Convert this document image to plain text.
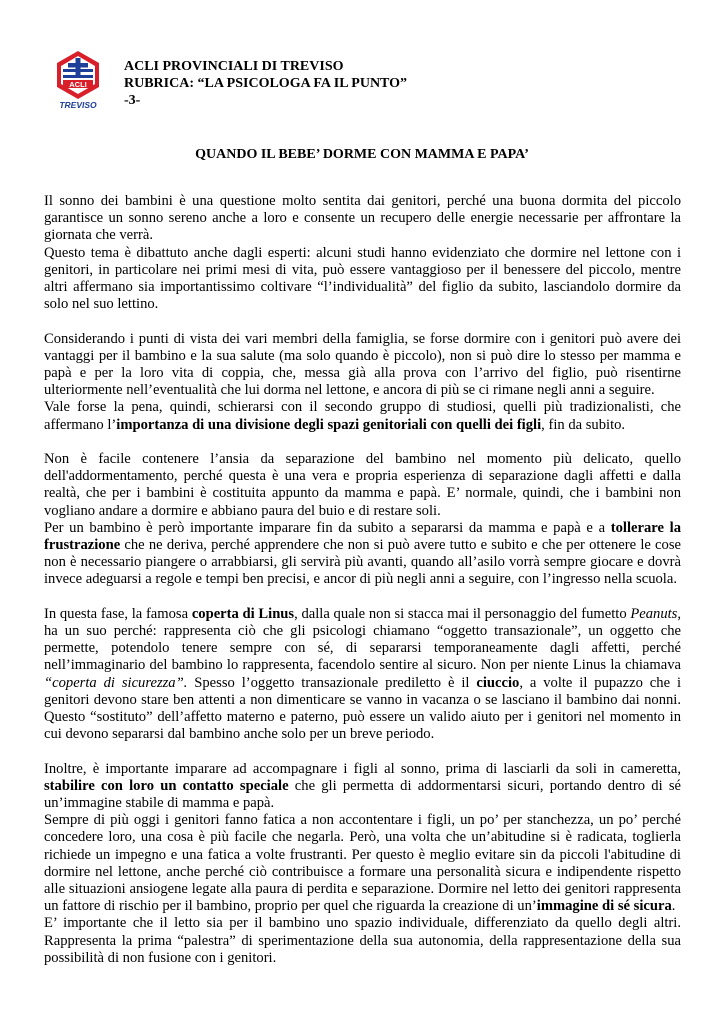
ACLI
TREVISO
ACLI PROVINCIALI DI TREVISO
RUBRICA: “LA PSICOLOGA FA IL PUNTO”
-3-
QUANDO IL BEBE’ DORME CON MAMMA E PAPA’

Il sonno dei bambini è una questione molto sentita dai genitori, perché una buona dormita del piccolo garantisce un sonno sereno anche a loro e consente un recupero delle energie necessarie per affrontare la giornata che verrà.

Questo tema è dibattuto anche dagli esperti: alcuni studi hanno evidenziato che dormire nel lettone con i genitori, in particolare nei primi mesi di vita, può essere vantaggioso per il benessere del piccolo, mentre altri affermano sia importantissimo coltivare “l’individualità” del figlio da subito, lasciandolo dormire da solo nel suo lettino.

Considerando i punti di vista dei vari membri della famiglia, se forse dormire con i genitori può avere dei vantaggi per il bambino e la sua salute (ma solo quando è piccolo), non si può dire lo stesso per mamma e papà e per la loro vita di coppia, che, messa già alla prova con l’arrivo del figlio, può risentirne ulteriormente nell’eventualità che lui dorma nel lettone, e ancora di più se ci rimane negli anni a seguire.

Vale forse la pena, quindi, schierarsi con il secondo gruppo di studiosi, quelli più tradizionalisti, che affermano l’importanza di una divisione degli spazi genitoriali con quelli dei figli, fin da subito.

Non è facile contenere l’ansia da separazione del bambino nel momento più delicato, quello dell'addormentamento, perché questa è una vera e propria esperienza di separazione dagli affetti e dalla realtà, che per i bambini è costituita appunto da mamma e papà. E’ normale, quindi, che i bambini non vogliano andare a dormire e abbiano paura del buio e di restare soli.

Per un bambino è però importante imparare fin da subito a separarsi da mamma e papà e a tollerare la frustrazione che ne deriva, perché apprendere che non si può avere tutto e subito e che per ottenere le cose non è necessario piangere o arrabbiarsi, gli servirà più avanti, quando all’asilo vorrà sempre giocare e dovrà invece adeguarsi a regole e tempi ben precisi, e ancor di più negli anni a seguire, con l’ingresso nella scuola.

In questa fase, la famosa coperta di Linus, dalla quale non si stacca mai il personaggio del fumetto Peanuts, ha un suo perché: rappresenta ciò che gli psicologi chiamano “oggetto transazionale”, un oggetto che permette, potendolo tenere sempre con sé, di separarsi temporaneamente dagli affetti, perché nell’immaginario del bambino lo rappresenta, facendolo sentire al sicuro. Non per niente Linus la chiamava “coperta di sicurezza”. Spesso l’oggetto transazionale prediletto è il ciuccio, a volte il pupazzo che i genitori devono stare ben attenti a non dimenticare se vanno in vacanza o se lasciano il bambino dai nonni. Questo “sostituto” dell’affetto materno e paterno, può essere un valido aiuto per i genitori nel momento in cui devono separarsi dal bambino anche solo per un breve periodo.

Inoltre, è importante imparare ad accompagnare i figli al sonno, prima di lasciarli da soli in cameretta, stabilire con loro un contatto speciale che gli permetta di addormentarsi sicuri, portando dentro di sé un’immagine stabile di mamma e papà.

Sempre di più oggi i genitori fanno fatica a non accontentare i figli, un po’ per stanchezza, un po’ perché concedere loro, una cosa è più facile che negarla. Però, una volta che un’abitudine si è radicata, toglierla richiede un impegno e una fatica a volte frustranti. Per questo è meglio evitare sin da piccoli l'abitudine di dormire nel lettone, anche perché ciò contribuisce a formare una personalità sicura e indipendente rispetto alle situazioni ansiogene legate alla paura di perdita e separazione. Dormire nel letto dei genitori rappresenta un fattore di rischio per il bambino, proprio per quel che riguarda la creazione di un’immagine di sé sicura.

E’ importante che il letto sia per il bambino uno spazio individuale, differenziato da quello degli altri. Rappresenta la prima “palestra” di sperimentazione della sua autonomia, della rappresentazione della sua possibilità di non fusione con i genitori.
